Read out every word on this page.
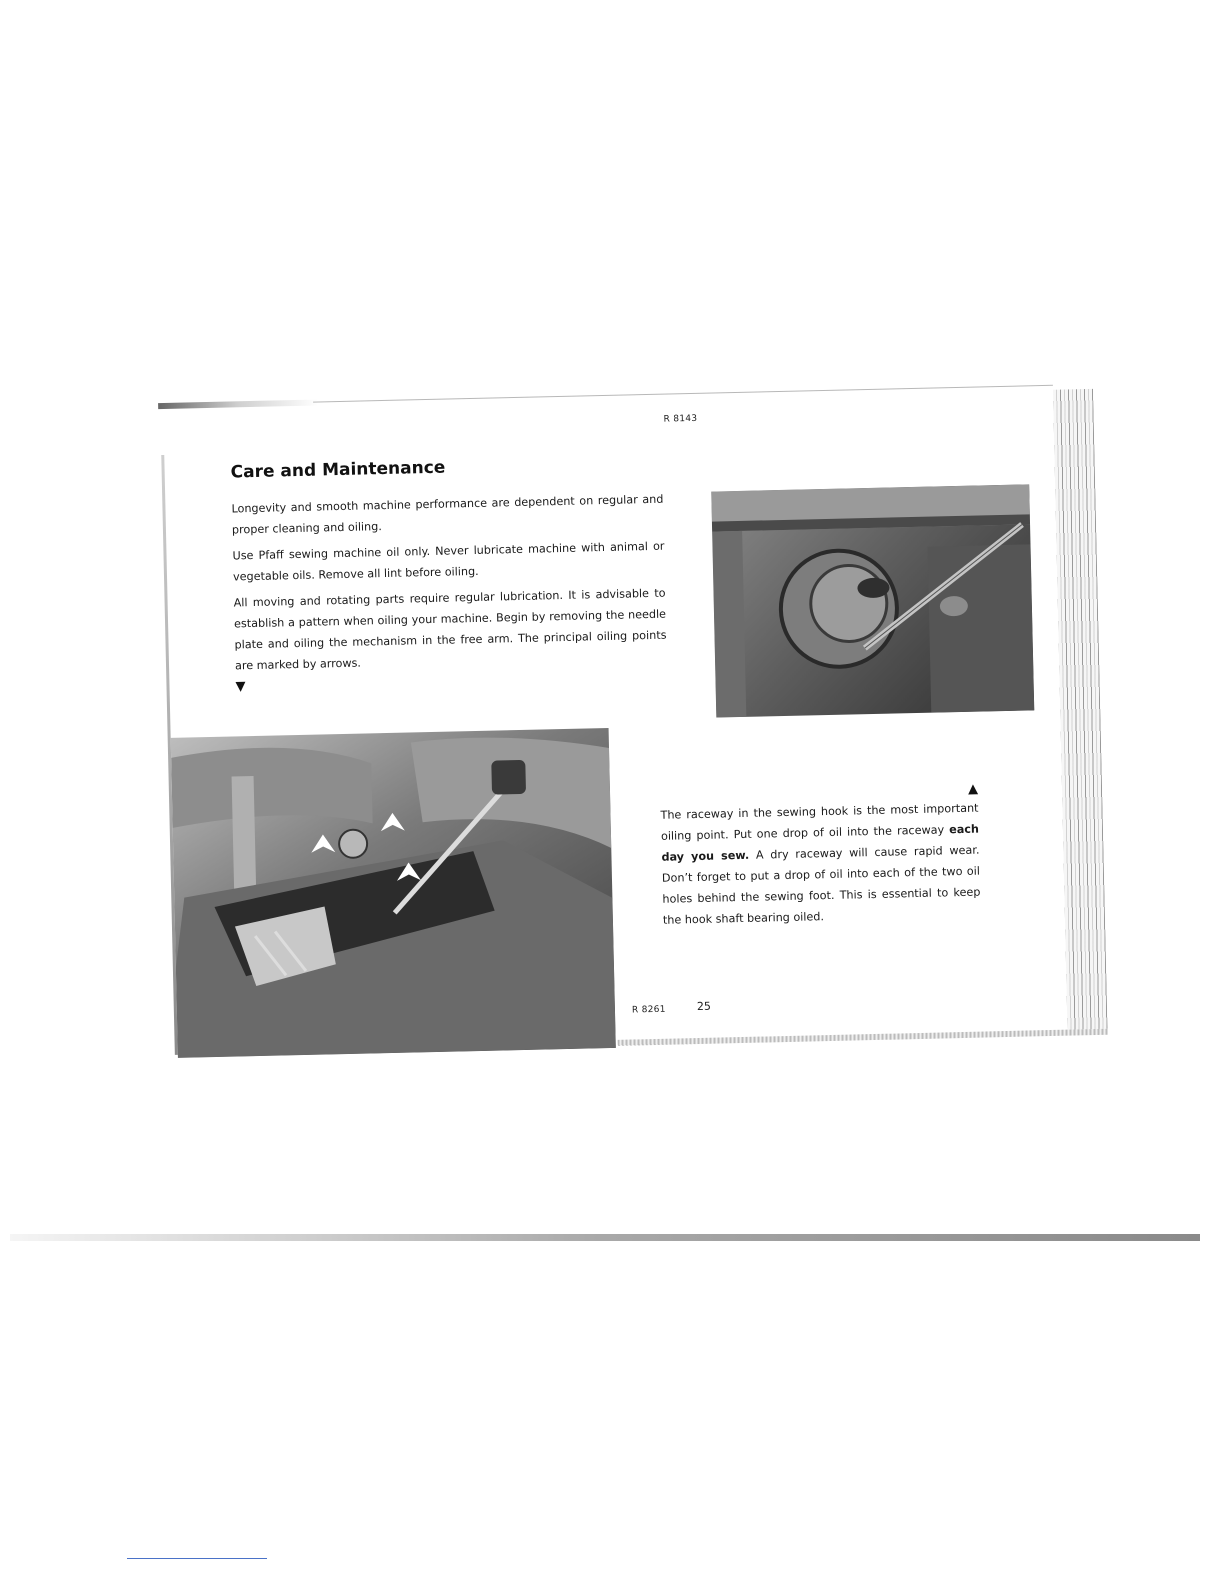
R 8143
Care and Maintenance

Longevity and smooth machine performance are dependent on regular and proper cleaning and oiling.

Use Pfaff sewing machine oil only. Never lubricate machine with animal or vegetable oils. Remove all lint before oiling.

All moving and rotating parts require regular lubrication. It is advisable to establish a pattern when oiling your machine. Begin by removing the needle plate and oiling the mechanism in the free arm. The principal oiling points are marked by arrows.

▼
▲

The raceway in the sewing hook is the most important oiling point. Put one drop of oil into the raceway each day you sew. A dry raceway will cause rapid wear. Don’t forget to put a drop of oil into each of the two oil holes behind the sewing foot. This is essential to keep the hook shaft bearing oiled.

R 8261	25
